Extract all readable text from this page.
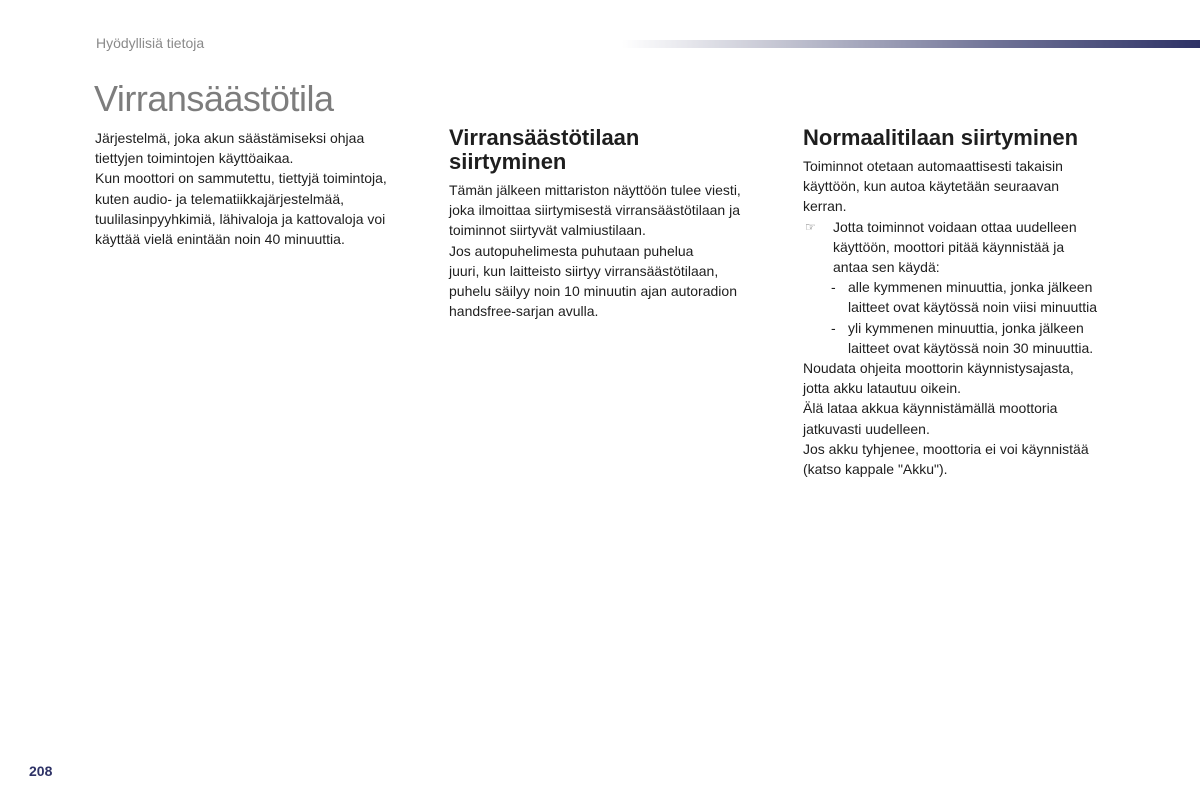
Hyödyllisiä tietoja
Virransäästötila

Järjestelmä, joka akun säästämiseksi ohjaa

tiettyjen toimintojen käyttöaikaa.

Kun moottori on sammutettu, tiettyjä toimintoja,

kuten audio- ja telematiikkajärjestelmää,

tuulilasinpyyhkimiä, lähivaloja ja kattovaloja voi

käyttää vielä enintään noin 40 minuuttia.

Virransäästötilaan
siirtyminen

Tämän jälkeen mittariston näyttöön tulee viesti,

joka ilmoittaa siirtymisestä virransäästötilaan ja

toiminnot siirtyvät valmiustilaan.

Jos autopuhelimesta puhutaan puhelua

juuri, kun laitteisto siirtyy virransäästötilaan,

puhelu säilyy noin 10 minuutin ajan autoradion

handsfree-sarjan avulla.

Normaalitilaan siirtyminen

Toiminnot otetaan automaattisesti takaisin

käyttöön, kun autoa käytetään seuraavan

kerran.

☞	Jotta toiminnot voidaan ottaa uudelleen

käyttöön, moottori pitää käynnistää ja

antaa sen käydä:

- alle kymmenen minuuttia, jonka jälkeen

laitteet ovat käytössä noin viisi minuuttia

- yli kymmenen minuuttia, jonka jälkeen

laitteet ovat käytössä noin 30 minuuttia.

Noudata ohjeita moottorin käynnistysajasta,

jotta akku latautuu oikein.

Älä lataa akkua käynnistämällä moottoria

jatkuvasti uudelleen.

Jos akku tyhjenee, moottoria ei voi käynnistää

(katso kappale "Akku").

208
